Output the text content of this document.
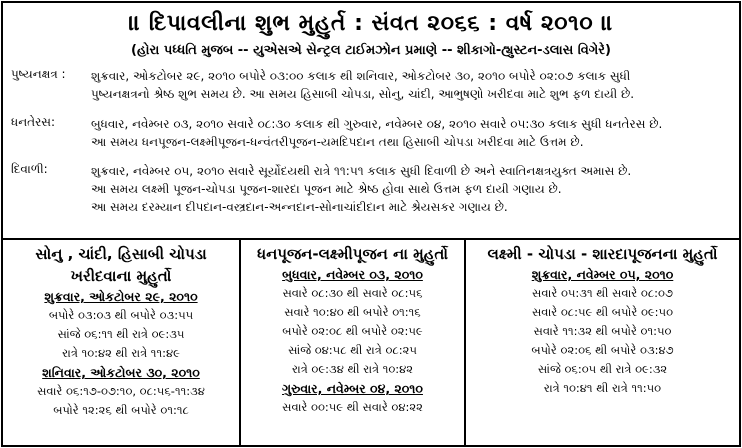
॥ દિપાવલીના શુભ મુહુર્ત : સંવત ૨૦૬૬ : વર્ષ ૨૦૧૦ ॥
(હોરા પધ્ધતિ મુજબ -- યુએસએ સેન્ટ્રલ ટાઈમઝોન પ્રમાણે -- શીકાગો-હ્યુસ્ટન-ડલાસ વિગેરે)
પુષ્યનક્ષત્ર : શુક્રવાર, ઓકટોબર ૨૯, ૨૦૧૦ બપોરે ૦૩:૦૦ કલાક થી શનિવાર, ઓકટોબર ૩૦, ૨૦૧૦ બપોરે ૦૨:૦૭ કલાક સુધી
પુષ્યનક્ષત્રનો શ્રેષ્ઠ શુભ સમય છે. આ સમય હિસાબી ચોપડા, સોનુ, ચાંદી, આભુષણો ખરીદવા માટે શુભ ફળ દાયી છે.
ધનતેરસ:	બુધવાર, નવેમ્બર ૦૩, ૨૦૧૦ સવારે ૦૮:૩૦ કલાક થી ગુરુવાર, નવેમ્બર ૦૪, ૨૦૧૦ સવારે ૦૫:૩૦ કલાક સુધી ધનતેરસ છે.
આ સમય ધનપૂજન-લક્ષ્મીપૂજન-ધન્વંતરીપૂજન-યમદિપદાન તથા હિસાબી ચોપડા ખરીદવા માટે ઉત્તમ છે.
દિવાળી:	શુક્રવાર, નવેમ્બર ૦૫, ૨૦૧૦ સવારે સૂર્યોદયથી રાત્રે ૧૧:૫૧ કલાક સુધી દિવાળી છે અને સ્વાતિનક્ષત્રયુક્ત અમાસ છે.
આ સમય લક્ષ્મી પૂજન-ચોપડા પૂજન-શારદા પૂજન માટે શ્રેષ્ઠ હોવા સાથે ઉત્તમ ફળ દાયી ગણાય છે.
આ સમય દરમ્યાન દીપદાન-વસ્ત્રદાન-અન્નદાન-સોનાચાંદીદાન માટે શ્રેયસકર ગણાય છે.
સોનુ , ચાંદી, હિસાબી ચોપડા
ખરીદવાના મુહુર્તો
શુક્રવાર, ઓકટોબર ૨૯, ૨૦૧૦
બપોરે ૦૩:૦૩ થી બપોરે ૦૩:૫૫
સાંજે ૦૬:૧૧ થી રાત્રે ૦૯:૩૫
રાત્રે ૧૦:૪૨ થી રાત્રે ૧૧:૪૯
શનિવાર, ઓકટોબર ૩૦, ૨૦૧૦
સવારે ૦૬:૧૭-૦૭:૧૦, ૦૮:૫૬-૧૧:૩૪
બપોરે ૧૨:૨૬ થી બપોરે ૦૧:૧૮
ધનપૂજન-લક્ષ્મીપૂજન ના મુહુર્તો
બુધવાર, નવેમ્બર ૦૩, ૨૦૧૦
સવારે ૦૮:૩૦ થી સવારે ૦૮:૫૬
સવારે ૧૦:૪૦ થી બપોરે ૦૧:૧૬
બપોરે ૦૨:૦૮ થી બપોરે ૦૨:૫૯
સાંજે ૦૪:૫૮ થી રાત્રે ૦૮:૨૫
રાત્રે ૦૯:૩૪ થી રાત્રે ૧૦:૪૨
ગુરુવાર, નવેમ્બર ૦૪, ૨૦૧૦
સવારે ૦૦:૫૯ થી સવારે ૦૪:૨૨
લક્ષ્મી - ચોપડા - શારદાપૂજનના મુહુર્તો
શુક્રવાર, નવેમ્બર ૦૫, ૨૦૧૦
સવારે ૦૫:૩૧ થી સવારે ૦૮:૦૭
સવારે ૦૮:૫૯ થી બપોરે ૦૯:૫૦
સવારે ૧૧:૩૨ થી બપોરે ૦૧:૫૦
બપોરે ૦૨:૦૬ થી બપોરે ૦૩:૪૭
સાંજે ૦૬:૦૫ થી રાત્રે ૦૯:૩૨
રાત્રે ૧૦:૪૧ થી રાત્રે ૧૧:૫૦
